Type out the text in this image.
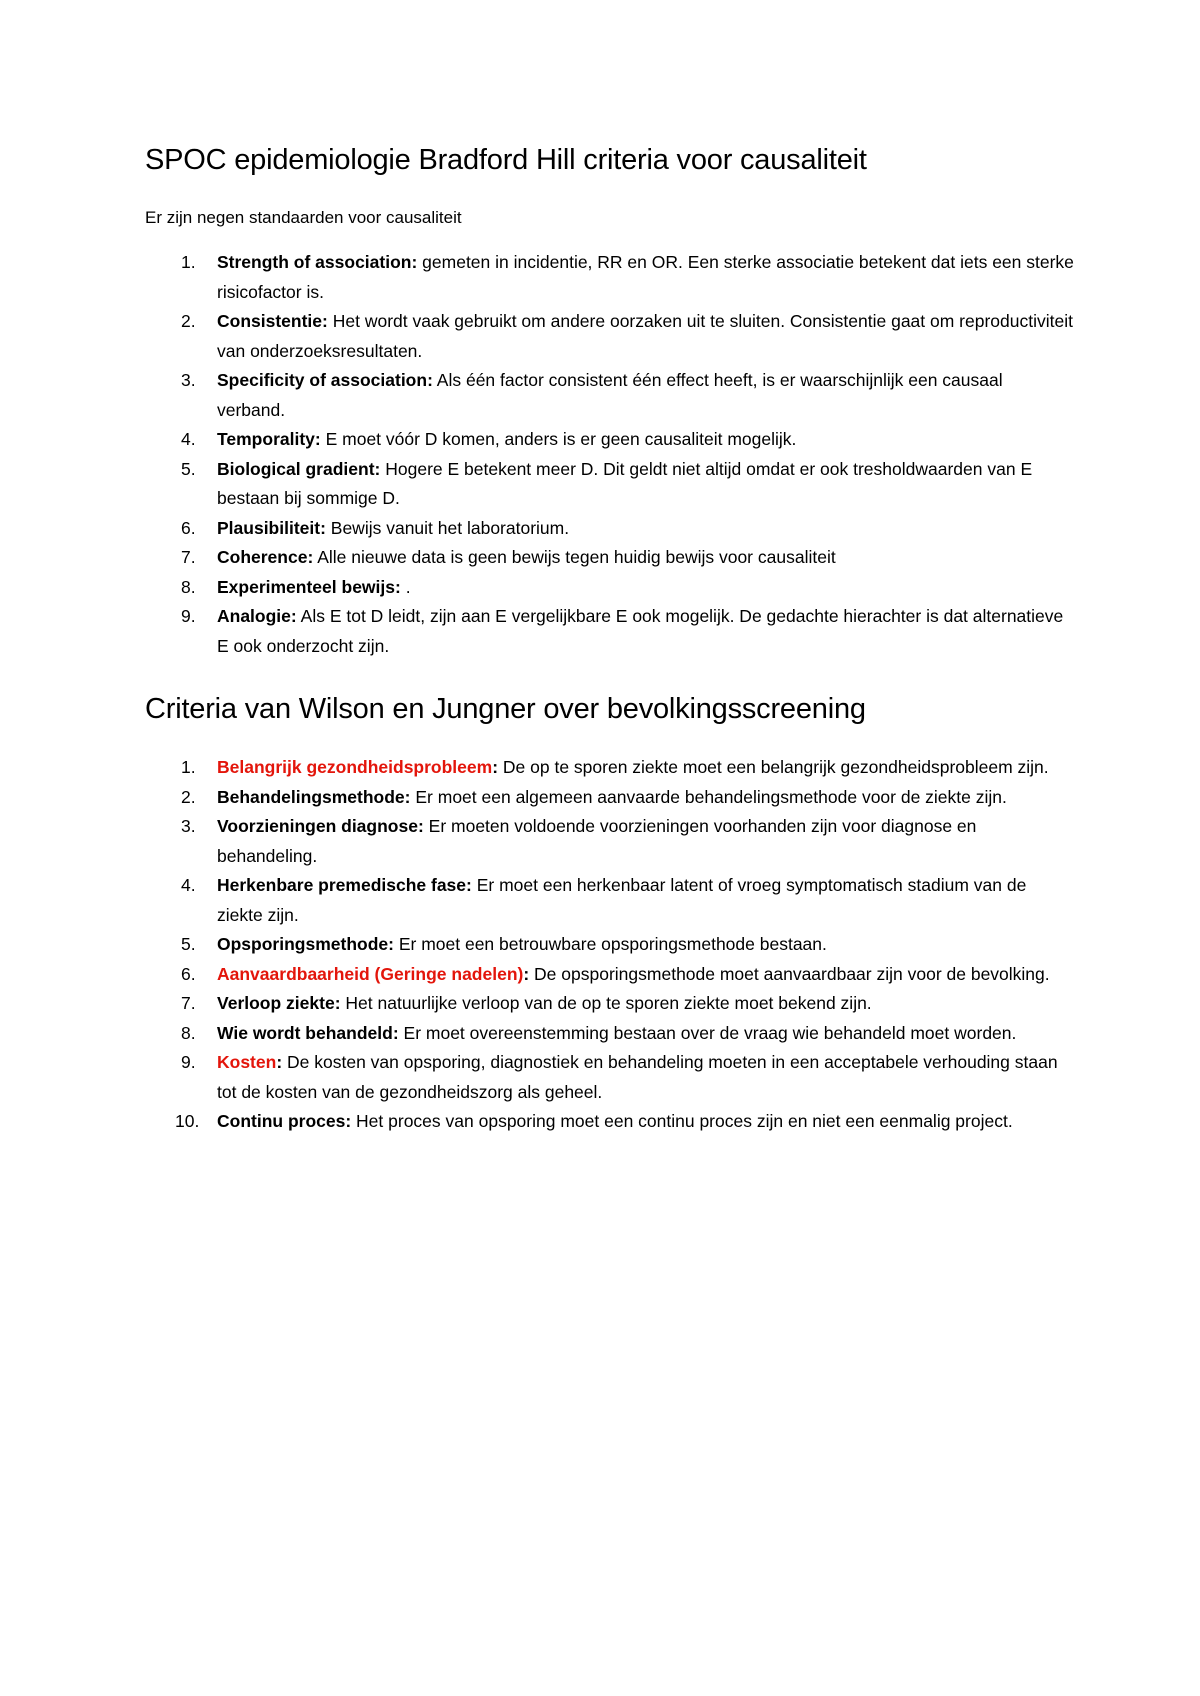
SPOC epidemiologie Bradford Hill criteria voor causaliteit

Er zijn negen standaarden voor causaliteit

1. Strength of association: gemeten in incidentie, RR en OR. Een sterke associatie betekent dat iets een sterke risicofactor is.
2. Consistentie: Het wordt vaak gebruikt om andere oorzaken uit te sluiten. Consistentie gaat om reproductiviteit van onderzoeksresultaten.
3. Specificity of association: Als één factor consistent één effect heeft, is er waarschijnlijk een causaal verband.
4. Temporality: E moet vóór D komen, anders is er geen causaliteit mogelijk.
5. Biological gradient: Hogere E betekent meer D. Dit geldt niet altijd omdat er ook tresholdwaarden van E bestaan bij sommige D.
6. Plausibiliteit: Bewijs vanuit het laboratorium.
7. Coherence: Alle nieuwe data is geen bewijs tegen huidig bewijs voor causaliteit
8. Experimenteel bewijs: .
9. Analogie: Als E tot D leidt, zijn aan E vergelijkbare E ook mogelijk. De gedachte hierachter is dat alternatieve E ook onderzocht zijn.
Criteria van Wilson en Jungner over bevolkingsscreening
1. Belangrijk gezondheidsprobleem: De op te sporen ziekte moet een belangrijk gezondheidsprobleem zijn.
2. Behandelingsmethode: Er moet een algemeen aanvaarde behandelingsmethode voor de ziekte zijn.
3. Voorzieningen diagnose: Er moeten voldoende voorzieningen voorhanden zijn voor diagnose en behandeling.
4. Herkenbare premedische fase: Er moet een herkenbaar latent of vroeg symptomatisch stadium van de ziekte zijn.
5. Opsporingsmethode: Er moet een betrouwbare opsporingsmethode bestaan.
6. Aanvaardbaarheid (Geringe nadelen): De opsporingsmethode moet aanvaardbaar zijn voor de bevolking.
7. Verloop ziekte: Het natuurlijke verloop van de op te sporen ziekte moet bekend zijn.
8. Wie wordt behandeld: Er moet overeenstemming bestaan over de vraag wie behandeld moet worden.
9. Kosten: De kosten van opsporing, diagnostiek en behandeling moeten in een acceptabele verhouding staan tot de kosten van de gezondheidszorg als geheel.
10. Continu proces: Het proces van opsporing moet een continu proces zijn en niet een eenmalig project.
